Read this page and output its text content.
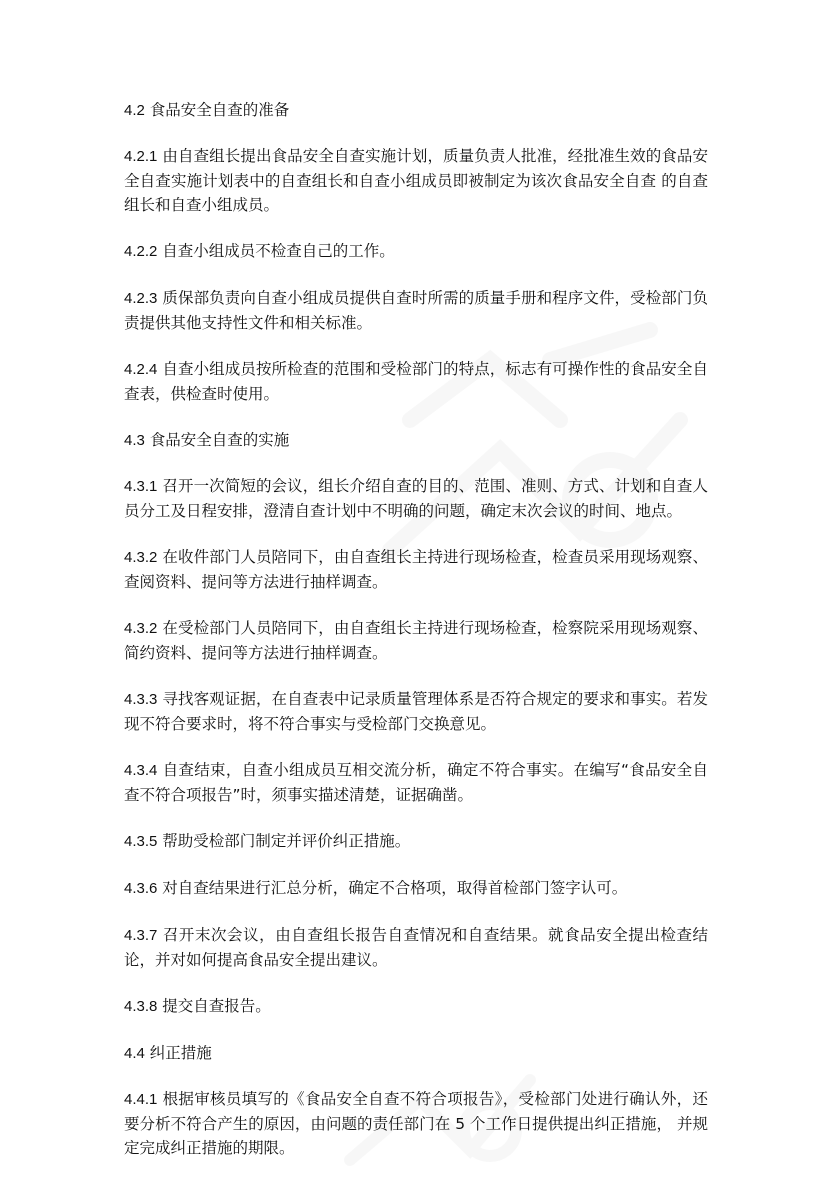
4.2 食品安全自查的准备

4.2.1 由自查组长提出食品安全自查实施计划，质量负责人批准，经批准生效的食品安全自查实施计划表中的自查组长和自查小组成员即被制定为该次食品安全自查 的自查组长和自查小组成员。

4.2.2 自查小组成员不检查自己的工作。

4.2.3 质保部负责向自查小组成员提供自查时所需的质量手册和程序文件，受检部门负责提供其他支持性文件和相关标准。

4.2.4 自查小组成员按所检查的范围和受检部门的特点，标志有可操作性的食品安全自查表，供检查时使用。

4.3 食品安全自查的实施

4.3.1 召开一次简短的会议，组长介绍自查的目的、范围、准则、方式、计划和自查人员分工及日程安排，澄清自查计划中不明确的问题，确定末次会议的时间、地点。

4.3.2 在收件部门人员陪同下，由自查组长主持进行现场检查，检查员采用现场观察、查阅资料、提问等方法进行抽样调查。

4.3.2 在受检部门人员陪同下，由自查组长主持进行现场检查，检察院采用现场观察、简约资料、提问等方法进行抽样调查。

4.3.3 寻找客观证据，在自查表中记录质量管理体系是否符合规定的要求和事实。若发现不符合要求时，将不符合事实与受检部门交换意见。

4.3.4 自查结束，自查小组成员互相交流分析，确定不符合事实。在编写“食品安全自查不符合项报告”时，须事实描述清楚，证据确凿。

4.3.5 帮助受检部门制定并评价纠正措施。

4.3.6 对自查结果进行汇总分析，确定不合格项，取得首检部门签字认可。

4.3.7 召开末次会议，由自查组长报告自查情况和自查结果。就食品安全提出检查结论，并对如何提高食品安全提出建议。

4.3.8 提交自查报告。

4.4 纠正措施

4.4.1 根据审核员填写的《食品安全自查不符合项报告》，受检部门处进行确认外，还要分析不符合产生的原因，由问题的责任部门在 5 个工作日提供提出纠正措施， 并规定完成纠正措施的期限。
